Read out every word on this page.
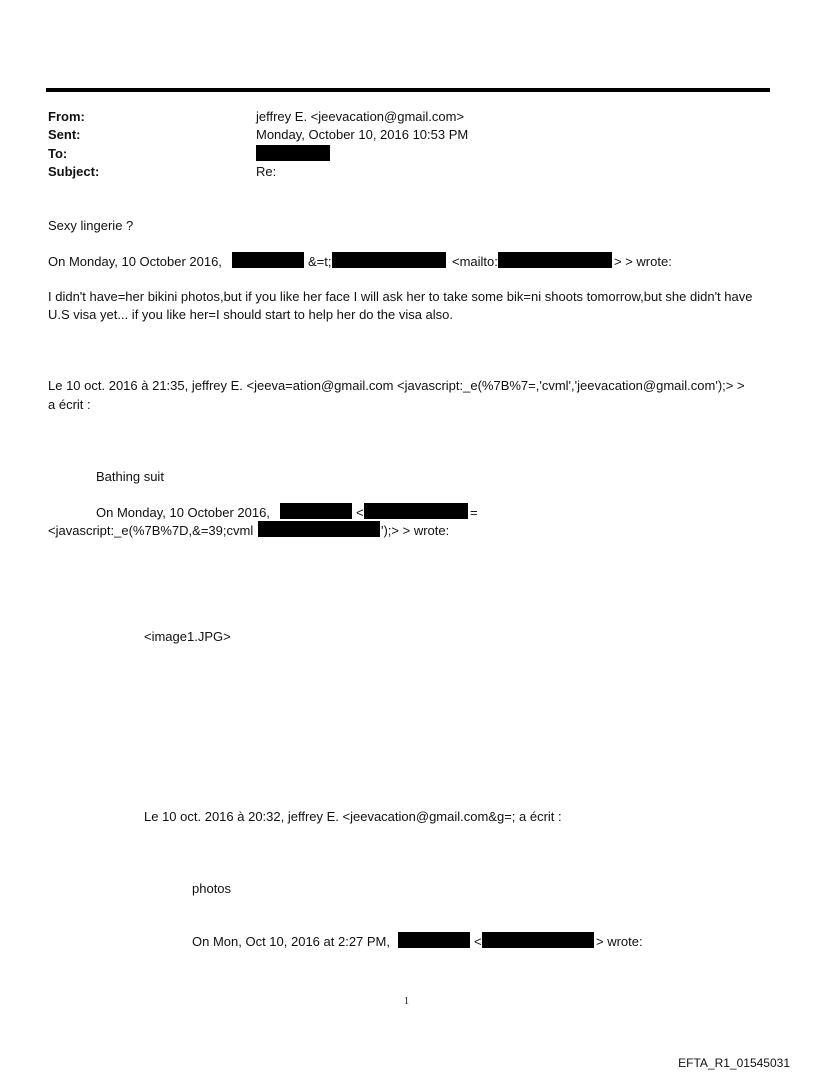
From:	jeffrey E. <jeevacation@gmail.com>
Sent:	Monday, October 10, 2016 10:53 PM
To:
Subject:	Re:
Sexy lingerie ?
On Monday, 10 October 2016,	&=t;	<mailto:	> > wrote:
I didn't have=her bikini photos,but if you like her face I will ask her to take some bik=ni shoots tomorrow,but she didn't have U.S visa yet... if you like her=I should start to help her do the visa also.
Le 10 oct. 2016 à 21:35, jeffrey E. <jeeva=ation@gmail.com <javascript:_e(%7B%7=,'cvml','jeevacation@gmail.com');> >
a écrit :
Bathing suit
On Monday, 10 October 2016,	<	=
<javascript:_e(%7B%7D,&=39;cvml	');> > wrote:
<image1.JPG>
Le 10 oct. 2016 à 20:32, jeffrey E. <jeevacation@gmail.com&g=; a écrit :
photos
On Mon, Oct 10, 2016 at 2:27 PM,	<	> wrote:
1
EFTA_R1_01545031
